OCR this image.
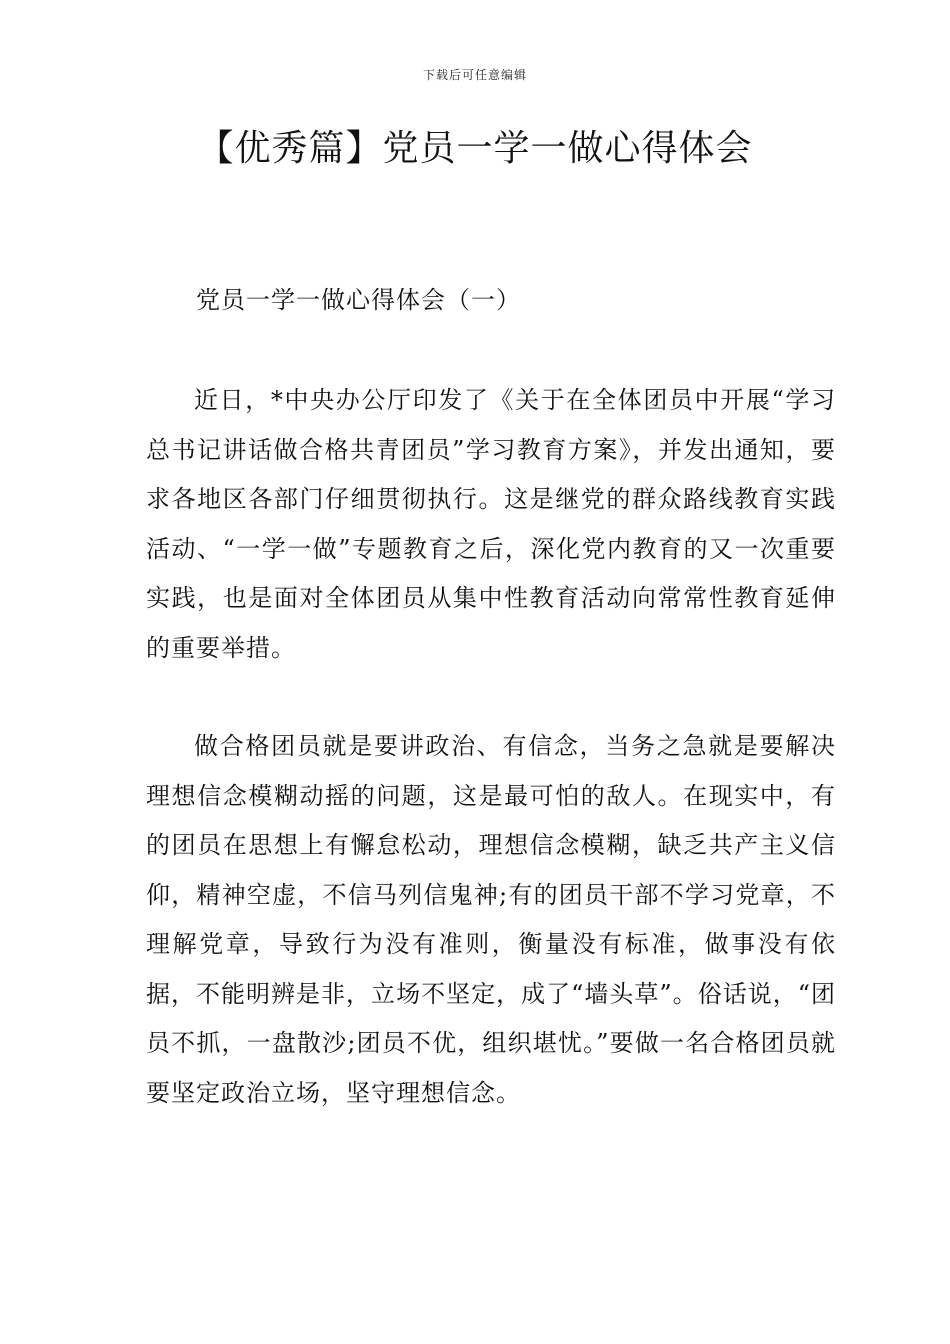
下载后可任意编辑
【优秀篇】党员一学一做心得体会
党员一学一做心得体会（一）

近日，*中央办公厅印发了《关于在全体团员中开展“学习总书记讲话做合格共青团员”学习教育方案》，并发出通知，要求各地区各部门仔细贯彻执行。这是继党的群众路线教育实践活动、“一学一做”专题教育之后，深化党内教育的又一次重要实践，也是面对全体团员从集中性教育活动向常常性教育延伸的重要举措。

做合格团员就是要讲政治、有信念，当务之急就是要解决理想信念模糊动摇的问题，这是最可怕的敌人。在现实中，有的团员在思想上有懈怠松动，理想信念模糊，缺乏共产主义信仰，精神空虚，不信马列信鬼神;有的团员干部不学习党章，不理解党章，导致行为没有准则，衡量没有标准，做事没有依据，不能明辨是非，立场不坚定，成了“墙头草”。俗话说，“团员不抓，一盘散沙;团员不优，组织堪忧。”要做一名合格团员就要坚定政治立场，坚守理想信念。
